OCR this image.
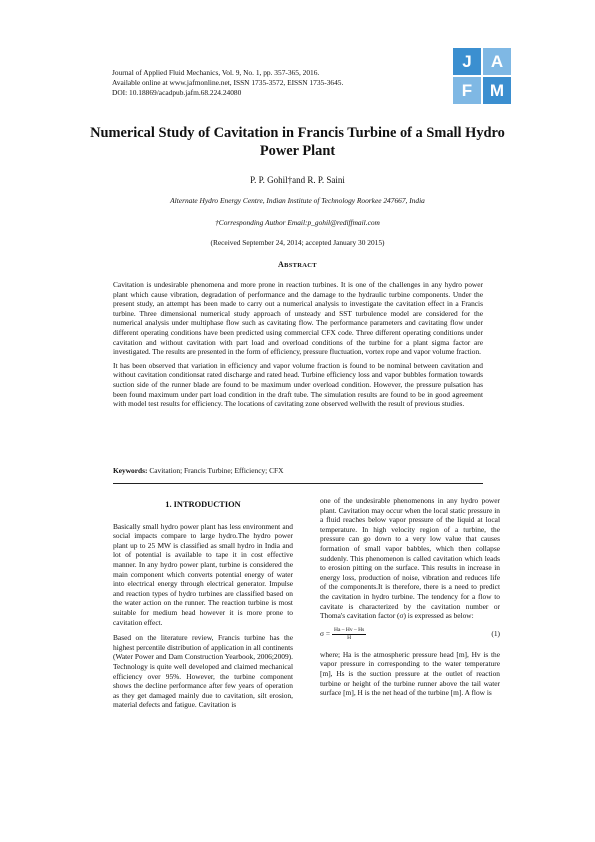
Journal of Applied Fluid Mechanics, Vol. 9, No. 1, pp. 357-365, 2016.
Available online at www.jafmonline.net, ISSN 1735-3572, EISSN 1735-3645.
DOI: 10.18869/acadpub.jafm.68.224.24080
J	A
F	M
Numerical Study of Cavitation in Francis Turbine of a Small Hydro Power Plant
P. P. Gohil†and R. P. Saini
Alternate Hydro Energy Centre, Indian Institute of Technology Roorkee 247667, India
†Corresponding Author Email:p_gohil@rediffmail.com
(Received September 24, 2014; accepted January 30 2015)
ABSTRACT

Cavitation is undesirable phenomena and more prone in reaction turbines. It is one of the challenges in any hydro power plant which cause vibration, degradation of performance and the damage to the hydraulic turbine components. Under the present study, an attempt has been made to carry out a numerical analysis to investigate the cavitation effect in a Francis turbine. Three dimensional numerical study approach of unsteady and SST turbulence model are considered for the numerical analysis under multiphase flow such as cavitating flow. The performance parameters and cavitating flow under different operating conditions have been predicted using commercial CFX code. Three different operating conditions under cavitation and without cavitation with part load and overload conditions of the turbine for a plant sigma factor are investigated. The results are presented in the form of efficiency, pressure fluctuation, vortex rope and vapor volume fraction.

It has been observed that variation in efficiency and vapor volume fraction is found to be nominal between cavitation and without cavitation conditionsat rated discharge and rated head. Turbine efficiency loss and vapor bubbles formation towards suction side of the runner blade are found to be maximum under overload condition. However, the pressure pulsation has been found maximum under part load condition in the draft tube. The simulation results are found to be in good agreement with model test results for efficiency. The locations of cavitating zone observed wellwith the result of previous studies.

Keywords: Cavitation; Francis Turbine; Efficiency; CFX
1. INTRODUCTION

Basically small hydro power plant has less environment and social impacts compare to large hydro.The hydro power plant up to 25 MW is classified as small hydro in India and lot of potential is available to tape it in cost effective manner. In any hydro power plant, turbine is considered the main component which converts potential energy of water into electrical energy through electrical generator. Impulse and reaction types of hydro turbines are classified based on the water action on the runner. The reaction turbine is most suitable for medium head however it is more prone to cavitation effect.

Based on the literature review, Francis turbine has the highest percentile distribution of application in all continents (Water Power and Dam Construction Yearbook, 2006;2009). Technology is quite well developed and claimed mechanical efficiency over 95%. However, the turbine component shows the decline performance after few years of operation as they get damaged mainly due to cavitation, silt erosion, material defects and fatigue. Cavitation is

one of the undesirable phenomenons in any hydro power plant. Cavitation may occur when the local static pressure in a fluid reaches below vapor pressure of the liquid at local temperature. In high velocity region of a turbine, the pressure can go down to a very low value that causes formation of small vapor babbles, which then collapse suddenly. This phenomenon is called cavitation which leads to erosion pitting on the surface. This results in increase in energy loss, production of noise, vibration and reduces life of the components.It is therefore, there is a need to predict the cavitation in hydro turbine. The tendency for a flow to cavitate is characterized by the cavitation number or Thoma's cavitation factor (σ) is expressed as below:

$\sigma = \frac{Ha - Hv - Hs}{H}$	(1)

where; Ha is the atmospheric pressure head [m], Hv is the vapor pressure in corresponding to the water temperature [m], Hs is the suction pressure at the outlet of reaction turbine or height of the turbine runner above the tail water surface [m], H is the net head of the turbine [m]. A flow is
